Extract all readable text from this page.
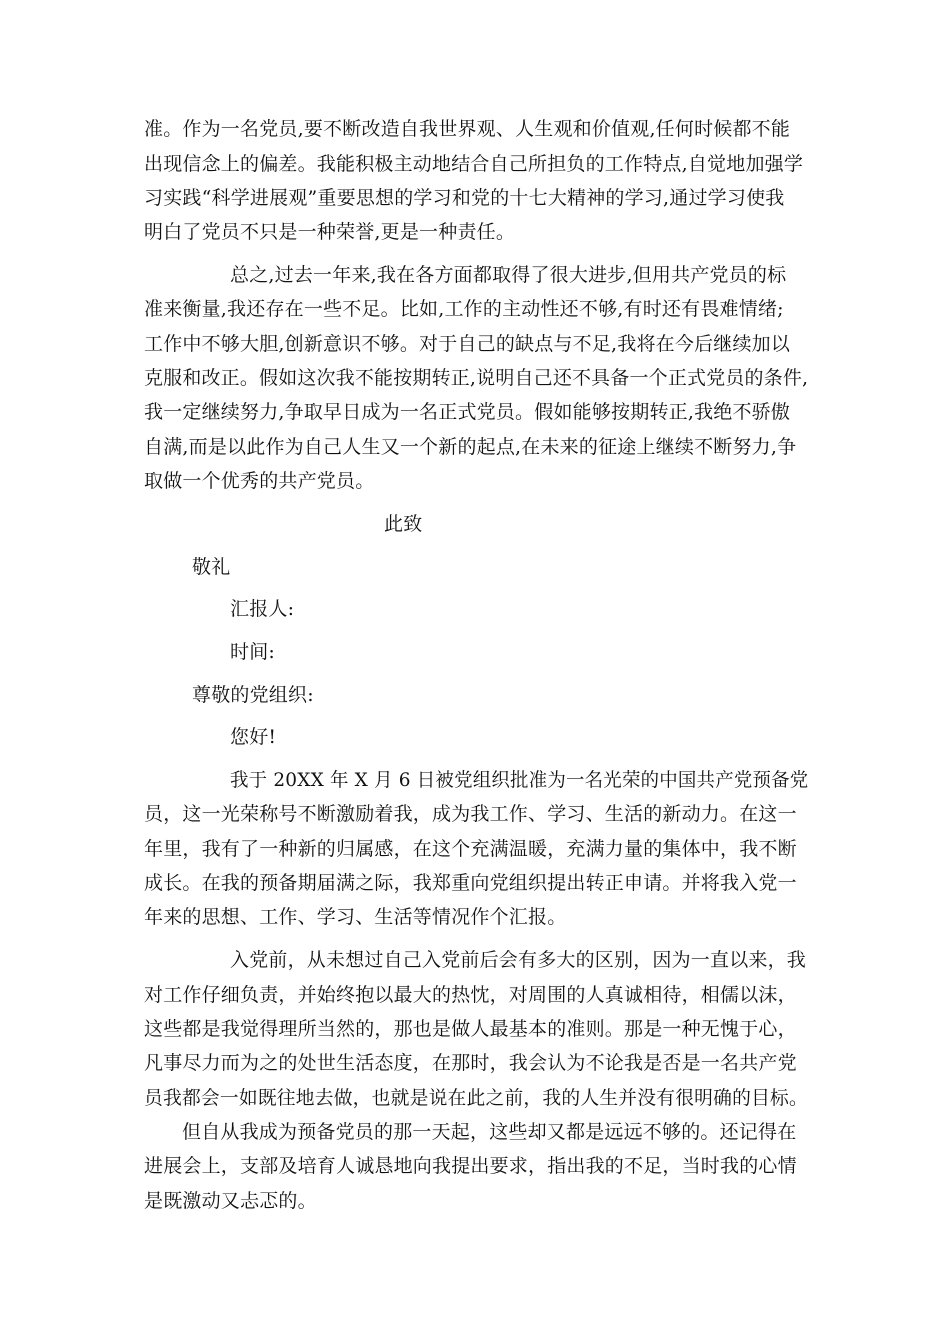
准。作为一名党员,要不断改造自我世界观、人生观和价值观,任何时候都不能
出现信念上的偏差。我能积极主动地结合自己所担负的工作特点,自觉地加强学
习实践“科学进展观”重要思想的学习和党的十七大精神的学习,通过学习使我
明白了党员不只是一种荣誉,更是一种责任。
总之,过去一年来,我在各方面都取得了很大进步,但用共产党员的标
准来衡量,我还存在一些不足。比如,工作的主动性还不够,有时还有畏难情绪;
工作中不够大胆,创新意识不够。对于自己的缺点与不足,我将在今后继续加以
克服和改正。假如这次我不能按期转正,说明自己还不具备一个正式党员的条件,
我一定继续努力,争取早日成为一名正式党员。假如能够按期转正,我绝不骄傲
自满,而是以此作为自己人生又一个新的起点,在未来的征途上继续不断努力,争
取做一个优秀的共产党员。
此致
敬礼
汇报人:
时间:
尊敬的党组织:
您好!
我于 20XX 年 X 月 6 日被党组织批准为一名光荣的中国共产党预备党
员，这一光荣称号不断激励着我，成为我工作、学习、生活的新动力。在这一
年里，我有了一种新的归属感，在这个充满温暖，充满力量的集体中，我不断
成长。在我的预备期届满之际，我郑重向党组织提出转正申请。并将我入党一
年来的思想、工作、学习、生活等情况作个汇报。
入党前，从未想过自己入党前后会有多大的区别，因为一直以来，我
对工作仔细负责，并始终抱以最大的热忱，对周围的人真诚相待，相儒以沫，
这些都是我觉得理所当然的，那也是做人最基本的准则。那是一种无愧于心，
凡事尽力而为之的处世生活态度，在那时，我会认为不论我是否是一名共产党
员我都会一如既往地去做，也就是说在此之前，我的人生并没有很明确的目标。
但自从我成为预备党员的那一天起，这些却又都是远远不够的。还记得在
进展会上，支部及培育人诚恳地向我提出要求，指出我的不足，当时我的心情
是既激动又忐忑的。
